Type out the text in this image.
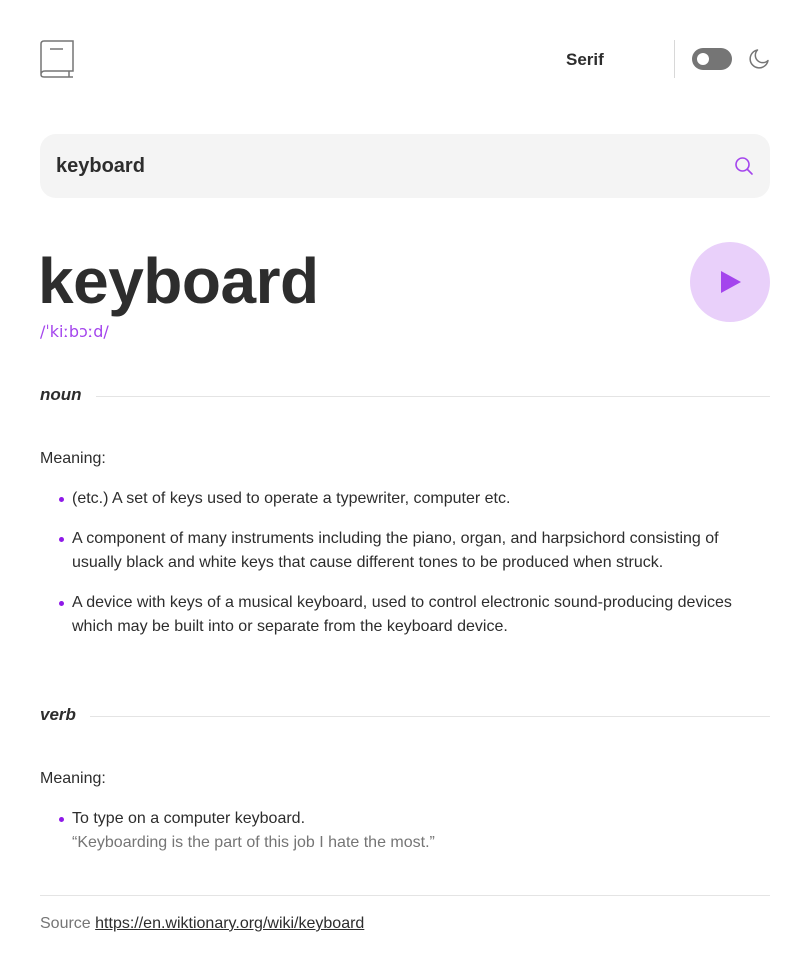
Serif
keyboard
keyboard
/ˈkiːbɔːd/
noun
Meaning:
(etc.) A set of keys used to operate a typewriter, computer etc.
A component of many instruments including the piano, organ, and harpsichord consisting of usually black and white keys that cause different tones to be produced when struck.
A device with keys of a musical keyboard, used to control electronic sound-producing devices which may be built into or separate from the keyboard device.
verb
Meaning:
To type on a computer keyboard.
“Keyboarding is the part of this job I hate the most.”
Source https://en.wiktionary.org/wiki/keyboard
